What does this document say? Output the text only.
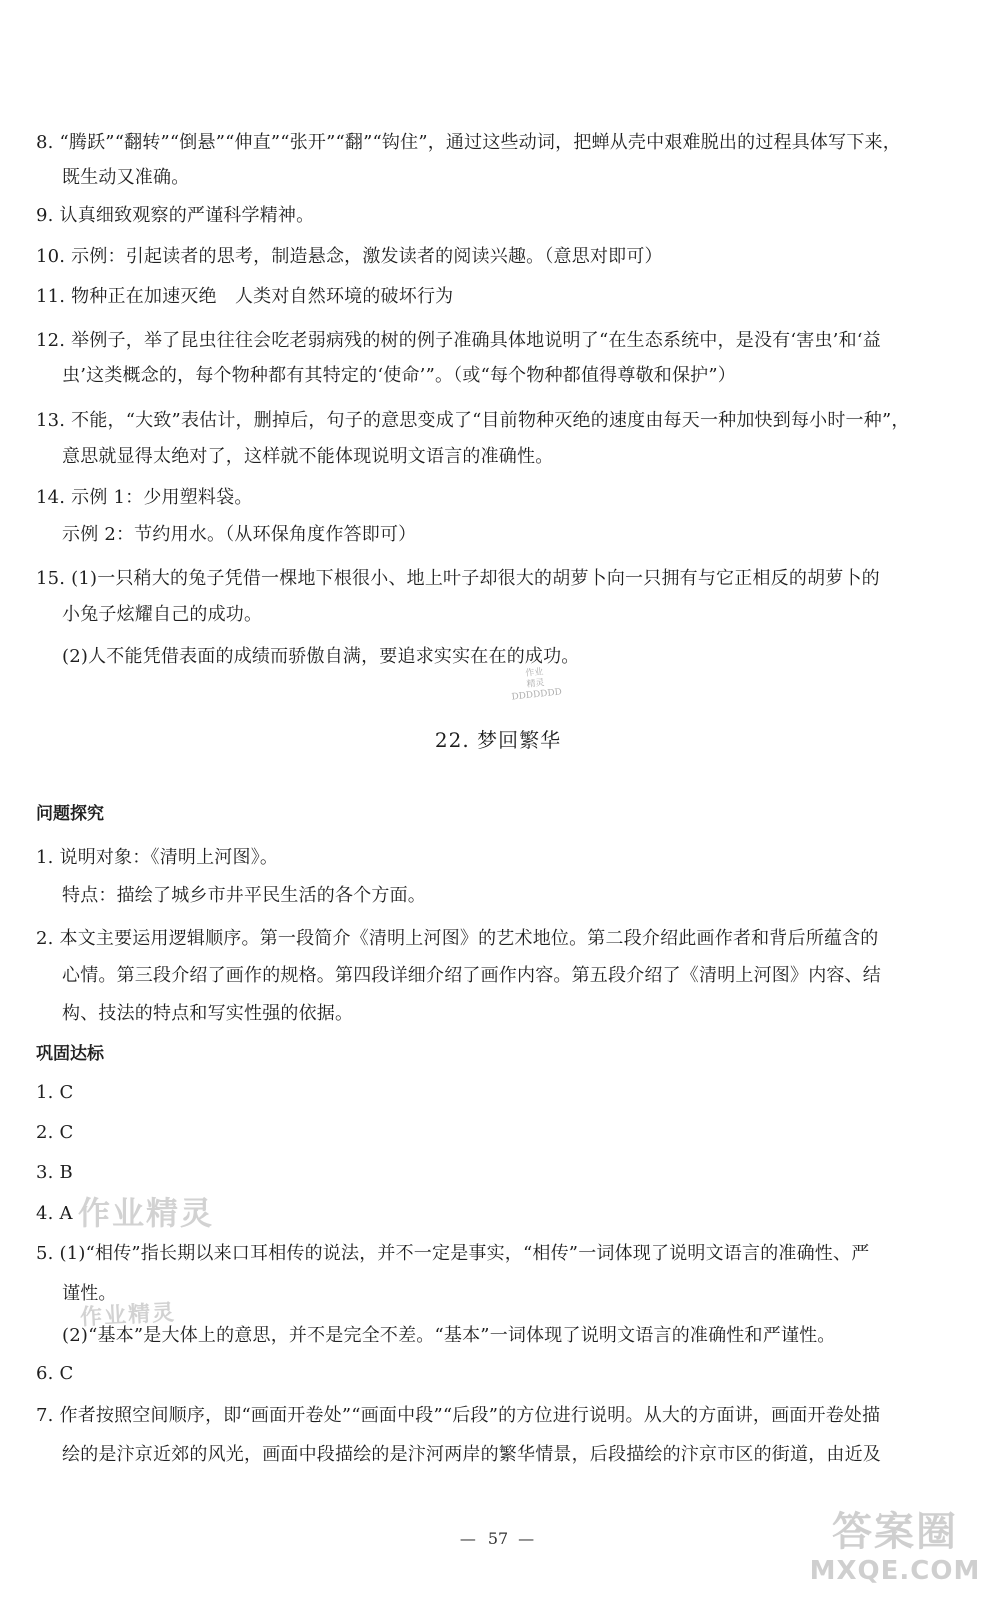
8. “腾跃”“翻转”“倒悬”“伸直”“张开”“翻”“钩住”，通过这些动词，把蝉从壳中艰难脱出的过程具体写下来，
既生动又准确。
9. 认真细致观察的严谨科学精神。
10. 示例：引起读者的思考，制造悬念，激发读者的阅读兴趣。（意思对即可）
11. 物种正在加速灭绝　人类对自然环境的破坏行为
12. 举例子，举了昆虫往往会吃老弱病残的树的例子准确具体地说明了“在生态系统中，是没有‘害虫’和‘益
虫’这类概念的，每个物种都有其特定的‘使命’”。（或“每个物种都值得尊敬和保护”）
13. 不能，“大致”表估计，删掉后，句子的意思变成了“目前物种灭绝的速度由每天一种加快到每小时一种”，
意思就显得太绝对了，这样就不能体现说明文语言的准确性。
14. 示例 1：少用塑料袋。
示例 2：节约用水。（从环保角度作答即可）
15. (1)一只稍大的兔子凭借一棵地下根很小、地上叶子却很大的胡萝卜向一只拥有与它正相反的胡萝卜的
小兔子炫耀自己的成功。
(2)人不能凭借表面的成绩而骄傲自满，要追求实实在在的成功。
作业
精灵
DDDDDDD
22. 梦回繁华
问题探究
1. 说明对象：《清明上河图》。
特点：描绘了城乡市井平民生活的各个方面。
2. 本文主要运用逻辑顺序。第一段简介《清明上河图》的艺术地位。第二段介绍此画作者和背后所蕴含的
心情。第三段介绍了画作的规格。第四段详细介绍了画作内容。第五段介绍了《清明上河图》内容、结
构、技法的特点和写实性强的依据。
巩固达标
1. C
2. C
3. B
4. A
5. (1)“相传”指长期以来口耳相传的说法，并不一定是事实，“相传”一词体现了说明文语言的准确性、严
谨性。
(2)“基本”是大体上的意思，并不是完全不差。“基本”一词体现了说明文语言的准确性和严谨性。
6. C
7. 作者按照空间顺序，即“画面开卷处”“画面中段”“后段”的方位进行说明。从大的方面讲，画面开卷处描
绘的是汴京近郊的风光，画面中段描绘的是汴河两岸的繁华情景，后段描绘的汴京市区的街道，由近及
作业精灵
作业精灵
— 57 —	答案圈
MXQE.COM
